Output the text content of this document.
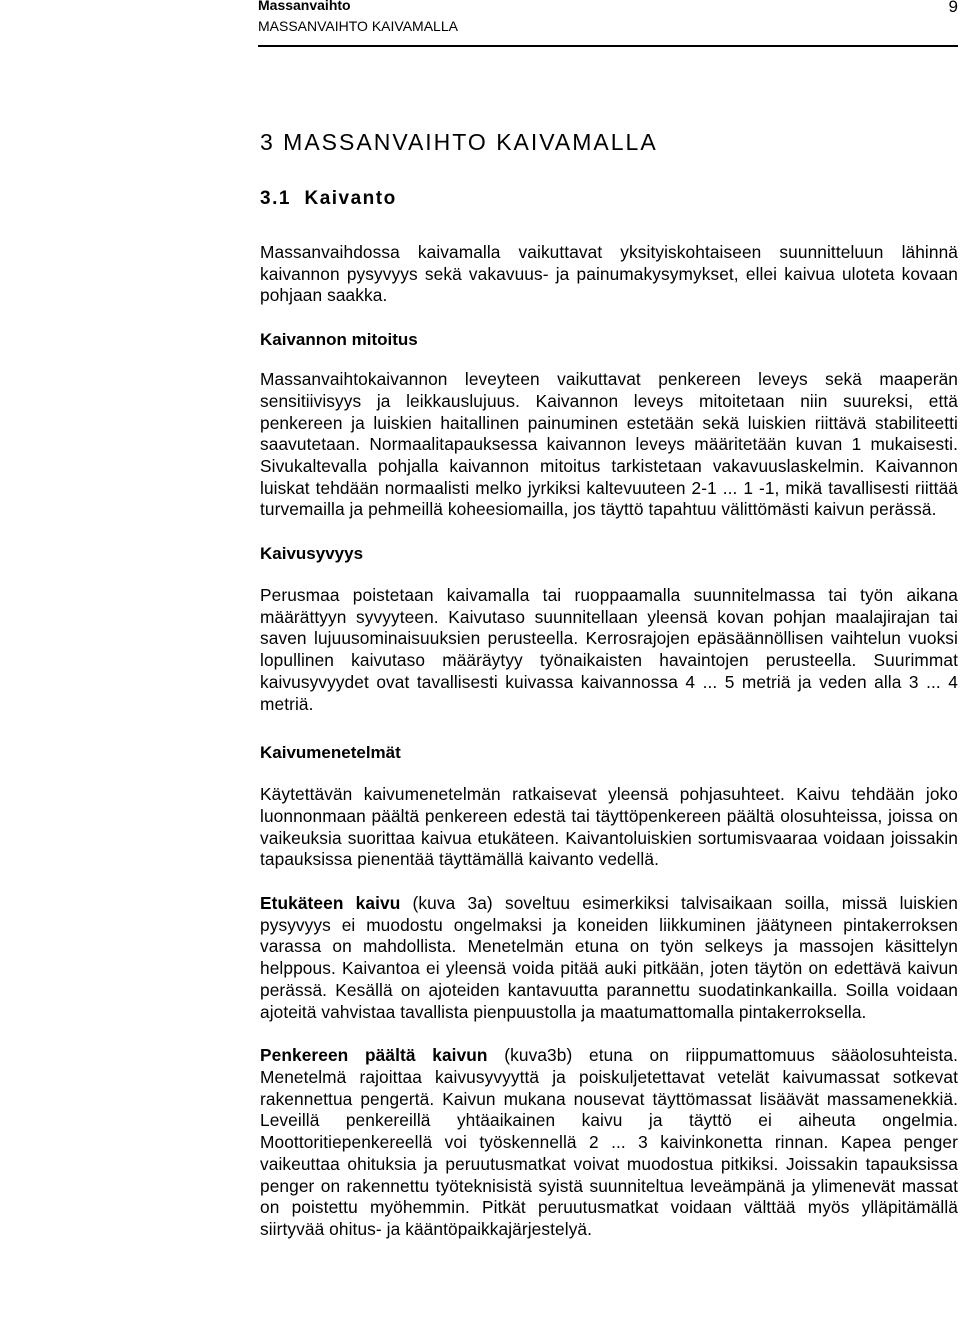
Massanvaihto
MASSANVAIHTO KAIVAMALLA
9
3 MASSANVAIHTO KAIVAMALLA
3.1  Kaivanto

Massanvaihdossa kaivamalla vaikuttavat yksityiskohtaiseen suunnitteluun lähinnä kaivannon pysyvyys sekä vakavuus- ja painumakysymykset, ellei kaivua uloteta kovaan pohjaan saakka.

Kaivannon mitoitus

Massanvaihtokaivannon leveyteen vaikuttavat penkereen leveys sekä maaperän sensitiivisyys ja leikkauslujuus. Kaivannon leveys mitoitetaan niin suureksi, että penkereen ja luiskien haitallinen painuminen estetään sekä luiskien riittävä stabiliteetti saavutetaan. Normaalitapauksessa kaivannon leveys määritetään kuvan 1 mukaisesti. Sivukaltevalla pohjalla kaivannon mitoitus tarkistetaan vakavuuslaskelmin. Kaivannon luiskat tehdään normaalisti melko jyrkiksi kaltevuuteen 2-1 ... 1 -1, mikä tavallisesti riittää turvemailla ja pehmeillä koheesiomailla, jos täyttö tapahtuu välittömästi kaivun perässä.

Kaivusyvyys

Perusmaa poistetaan kaivamalla tai ruoppaamalla suunnitelmassa tai työn aikana määrättyyn syvyyteen. Kaivutaso suunnitellaan yleensä kovan pohjan maalajirajan tai saven lujuusominaisuuksien perusteella. Kerrosrajojen epäsäännöllisen vaihtelun vuoksi lopullinen kaivutaso määräytyy työnaikaisten havaintojen perusteella. Suurimmat kaivusyvyydet ovat tavallisesti kuivassa kaivannossa 4 ... 5 metriä ja veden alla 3 ... 4 metriä.

Kaivumenetelmät

Käytettävän kaivumenetelmän ratkaisevat yleensä pohjasuhteet. Kaivu tehdään joko luonnonmaan päältä penkereen edestä tai täyttöpenkereen päältä olosuhteissa, joissa on vaikeuksia suorittaa kaivua etukäteen. Kaivantoluiskien sortumisvaaraa voidaan joissakin tapauksissa pienentää täyttämällä kaivanto vedellä.

Etukäteen kaivu (kuva 3a) soveltuu esimerkiksi talvisaikaan soilla, missä luiskien pysyvyys ei muodostu ongelmaksi ja koneiden liikkuminen jäätyneen pintakerroksen varassa on mahdollista. Menetelmän etuna on työn selkeys ja massojen käsittelyn helppous. Kaivantoa ei yleensä voida pitää auki pitkään, joten täytön on edettävä kaivun perässä. Kesällä on ajoteiden kantavuutta parannettu suodatinkankailla. Soilla voidaan ajoteitä vahvistaa tavallista pienpuustolla ja maatumattomalla pintakerroksella.

Penkereen päältä kaivun (kuva3b) etuna on riippumattomuus sääolosuhteista. Menetelmä rajoittaa kaivusyvyyttä ja poiskuljetettavat vetelät kaivumassat sotkevat rakennettua pengertä. Kaivun mukana nousevat täyttömassat lisäävät massamenekkiä. Leveillä penkereillä yhtäaikainen kaivu ja täyttö ei aiheuta ongelmia. Moottoritiepenkereellä voi työskennellä 2 ... 3 kaivinkonetta rinnan. Kapea penger vaikeuttaa ohituksia ja peruutusmatkat voivat muodostua pitkiksi. Joissakin tapauksissa penger on rakennettu työteknisistä syistä suunniteltua leveämpänä ja ylimenevät massat on poistettu myöhemmin. Pitkät peruutusmatkat voidaan välttää myös ylläpitämällä siirtyvää ohitus- ja kääntöpaikkajärjestelyä.
